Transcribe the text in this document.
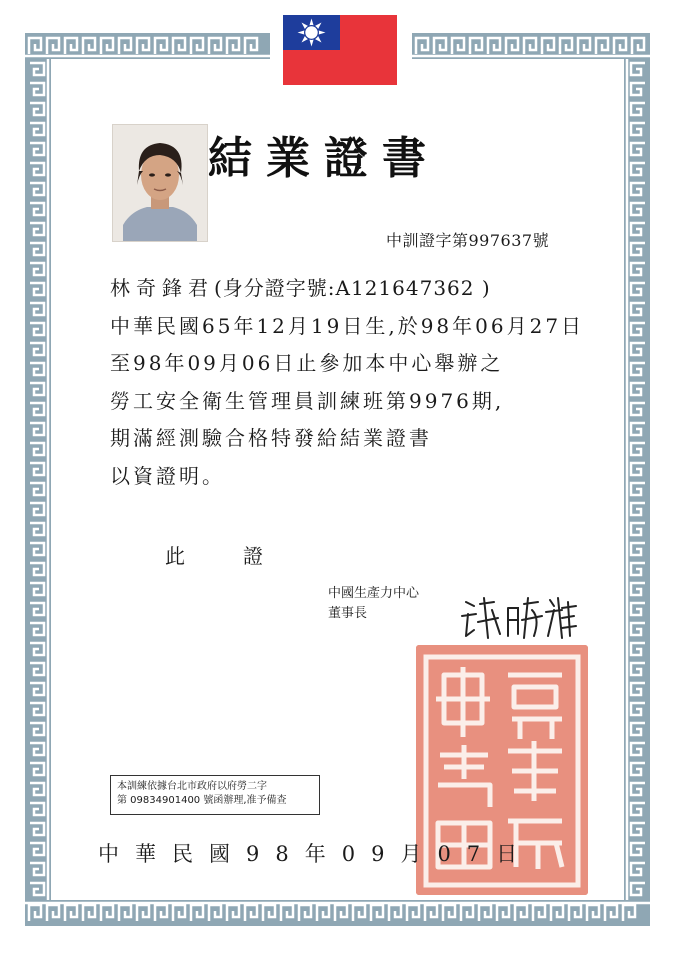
結業證書
中訓證字第997637號
林奇鋒君(身分證字號:A121647362 )
中華民國65年12月19日生,於98年06月27日
至98年09月06日止參加本中心舉辦之
勞工安全衛生管理員訓練班第9976期,
期滿經測驗合格特發給結業證書
以資證明。
此	證
中國生產力中心
董事長
本訓練依據台北市政府以府勞二字
第 09834901400 號函辦理,准予備查
中華民國98年09月07日
